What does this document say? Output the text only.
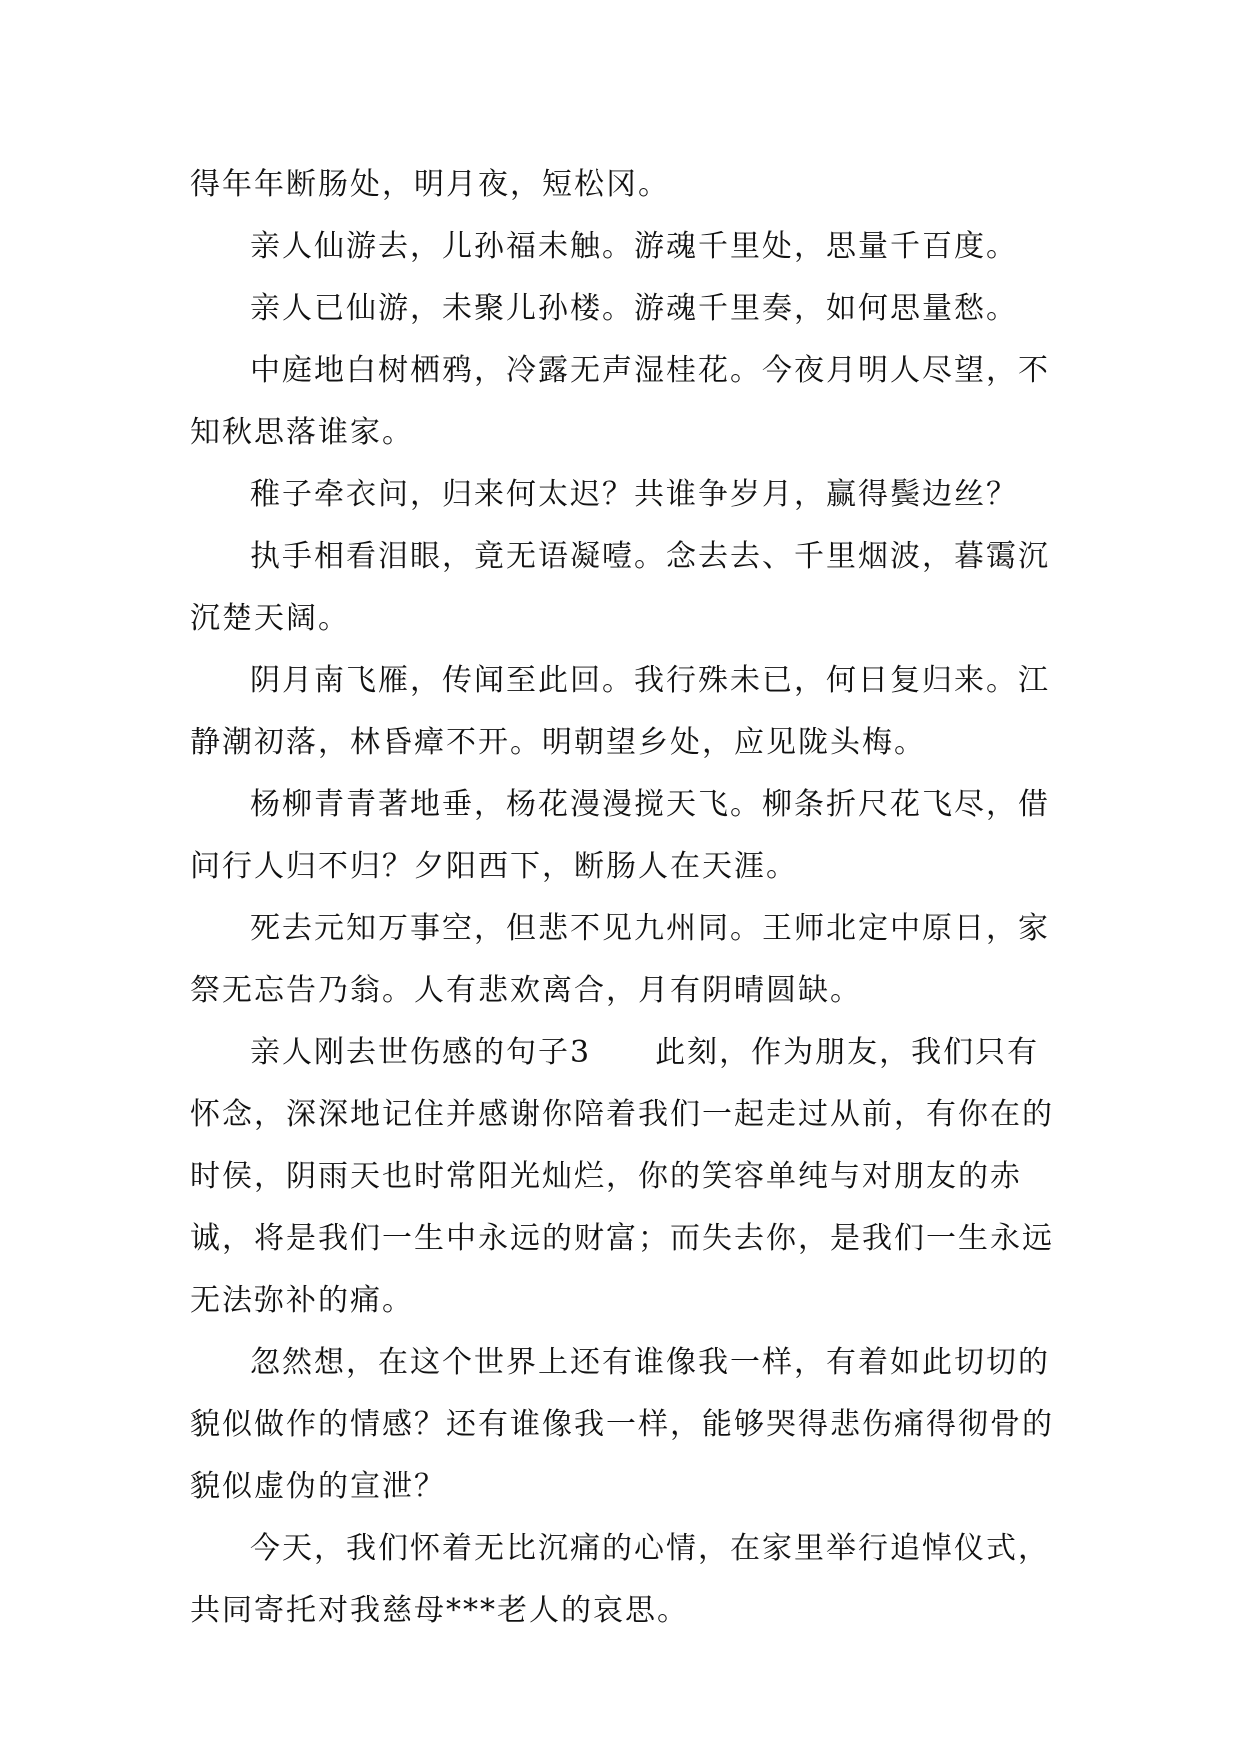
得年年断肠处，明月夜，短松冈。

亲人仙游去，儿孙福未触。游魂千里处，思量千百度。

亲人已仙游，未聚儿孙楼。游魂千里奏，如何思量愁。

中庭地白树栖鸦，冷露无声湿桂花。今夜月明人尽望，不知秋思落谁家。

稚子牵衣问，归来何太迟？共谁争岁月，赢得鬓边丝？

执手相看泪眼，竟无语凝噎。念去去、千里烟波，暮霭沉沉楚天阔。

阴月南飞雁，传闻至此回。我行殊未已，何日复归来。江静潮初落，林昏瘴不开。明朝望乡处，应见陇头梅。

杨柳青青著地垂，杨花漫漫搅天飞。柳条折尺花飞尽，借问行人归不归？夕阳西下，断肠人在天涯。

死去元知万事空，但悲不见九州同。王师北定中原日，家祭无忘告乃翁。人有悲欢离合，月有阴晴圆缺。

亲人刚去世伤感的句子3　　此刻，作为朋友，我们只有怀念，深深地记住并感谢你陪着我们一起走过从前，有你在的时侯，阴雨天也时常阳光灿烂，你的笑容单纯与对朋友的赤诚，将是我们一生中永远的财富；而失去你，是我们一生永远无法弥补的痛。

忽然想，在这个世界上还有谁像我一样，有着如此切切的貌似做作的情感？还有谁像我一样，能够哭得悲伤痛得彻骨的貌似虚伪的宣泄？

今天，我们怀着无比沉痛的心情，在家里举行追悼仪式，共同寄托对我慈母***老人的哀思。
